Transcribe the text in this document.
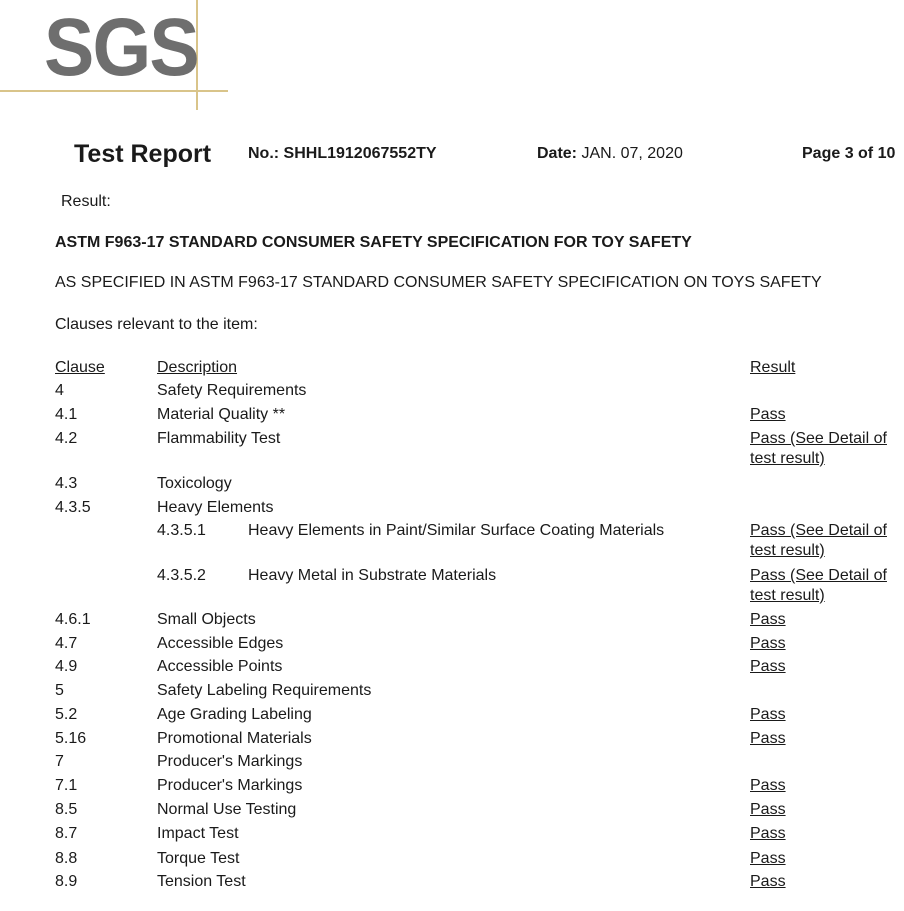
SGS
Test Report No.: SHHL1912067552TY	Date: JAN. 07, 2020	Page 3 of 10
Result:
ASTM F963-17 STANDARD CONSUMER SAFETY SPECIFICATION FOR TOY SAFETY
AS SPECIFIED IN ASTM F963-17 STANDARD CONSUMER SAFETY SPECIFICATION ON TOYS SAFETY
Clauses relevant to the item:
Clause	Description	Result
4	Safety Requirements
4.1	Material Quality **	Pass
4.2	Flammability Test	Pass (See Detail of test result)
4.3	Toxicology
4.3.5	Heavy Elements
4.3.5.1	Heavy Elements in Paint/Similar Surface Coating Materials	Pass (See Detail of test result)
4.3.5.2	Heavy Metal in Substrate Materials	Pass (See Detail of test result)
4.6.1	Small Objects	Pass
4.7	Accessible Edges	Pass
4.9	Accessible Points	Pass
5	Safety Labeling Requirements
5.2	Age Grading Labeling	Pass
5.16	Promotional Materials	Pass
7	Producer's Markings
7.1	Producer's Markings	Pass
8.5	Normal Use Testing	Pass
8.7	Impact Test	Pass
8.8	Torque Test	Pass
8.9	Tension Test	Pass
